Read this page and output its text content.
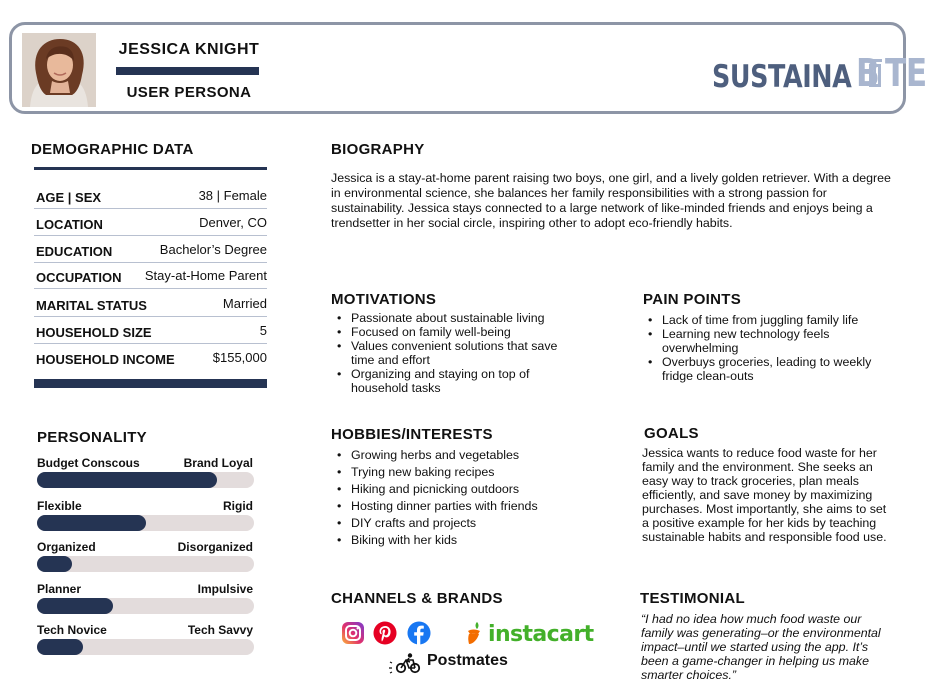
JESSICA KNIGHT
USER PERSONA	SUSTAINA B TE
DEMOGRAPHIC DATA
AGE | SEX	38 | Female
LOCATION	Denver, CO
EDUCATION	Bachelor’s Degree
OCCUPATION Stay-at-Home Parent
MARITAL STATUS	Married
HOUSEHOLD SIZE	5
HOUSEHOLD INCOME	$155,000
PERSONALITY
Budget Conscous	Brand Loyal
Flexible	Rigid
Organized	Disorganized
Planner	Impulsive
Tech Novice	Tech Savvy
BIOGRAPHY
Jessica is a stay-at-home parent raising two boys, one girl, and a lively golden retriever. With a degree in environmental science, she balances her family responsibilities with a strong passion for sustainability. Jessica stays connected to a large network of like-minded friends and enjoys being a trendsetter in her social circle, inspiring other to adopt eco-friendly habits.
MOTIVATIONS
• Passionate about sustainable living
• Focused on family well-being
• Values convenient solutions that save time and effort
• Organizing and staying on top of household tasks
PAIN POINTS
• Lack of time from juggling family life
• Learning new technology feels overwhelming
• Overbuys groceries, leading to weekly fridge clean-outs
HOBBIES/INTERESTS
• Growing herbs and vegetables
• Trying new baking recipes
• Hiking and picnicking outdoors
• Hosting dinner parties with friends
• DIY crafts and projects
• Biking with her kids
GOALS
Jessica wants to reduce food waste for her family and the environment. She seeks an easy way to track groceries, plan meals efficiently, and save money by maximizing purchases. Most importantly, she aims to set a positive example for her kids by teaching sustainable habits and responsible food use.
CHANNELS & BRANDS
instacart
Postmates
TESTIMONIAL
“I had no idea how much food waste our family was generating–or the environmental impact–until we started using the app. It’s been a game-changer in helping us make smarter choices.”
